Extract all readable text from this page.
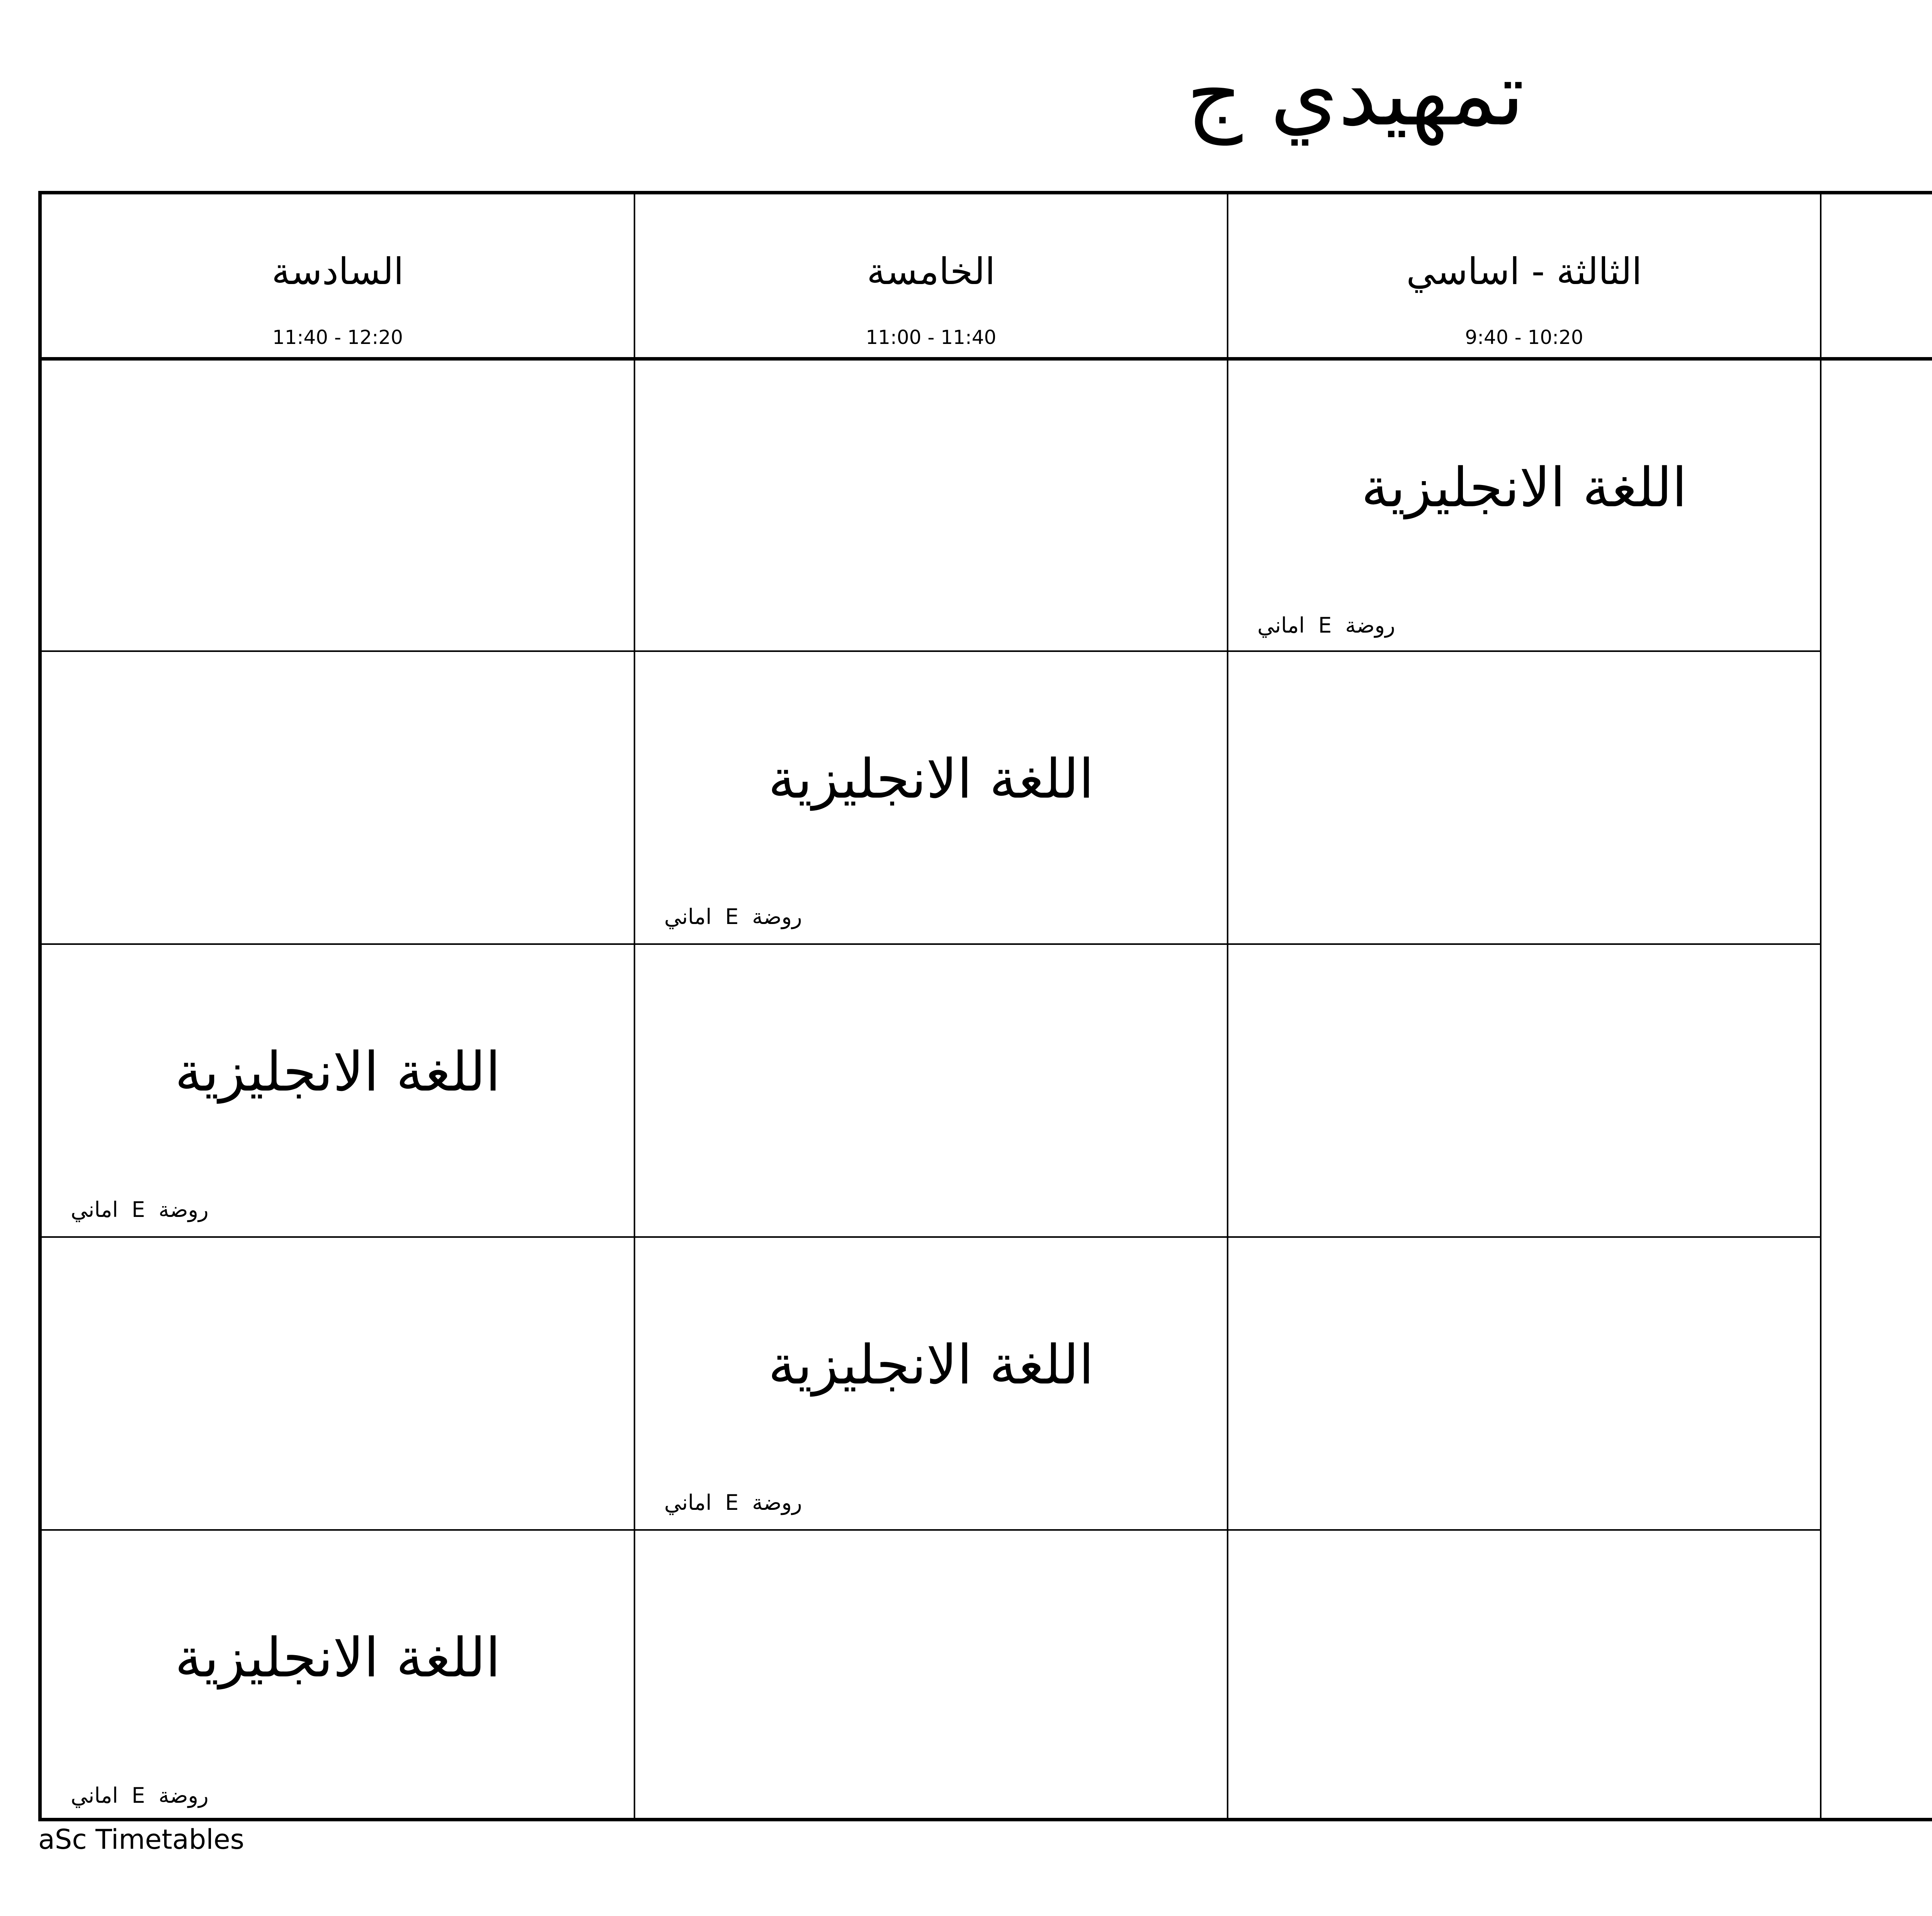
تمهيدي ج
الثالثة - اساسي
9:40 - 10:20
الخامسة
11:00 - 11:40
السادسة
11:40 - 12:20
اللغة الانجليزية
روضة  E  اماني
اللغة الانجليزية
روضة  E  اماني
اللغة الانجليزية
روضة  E  اماني
اللغة الانجليزية
روضة  E  اماني
اللغة الانجليزية
روضة  E  اماني
aSc Timetables
